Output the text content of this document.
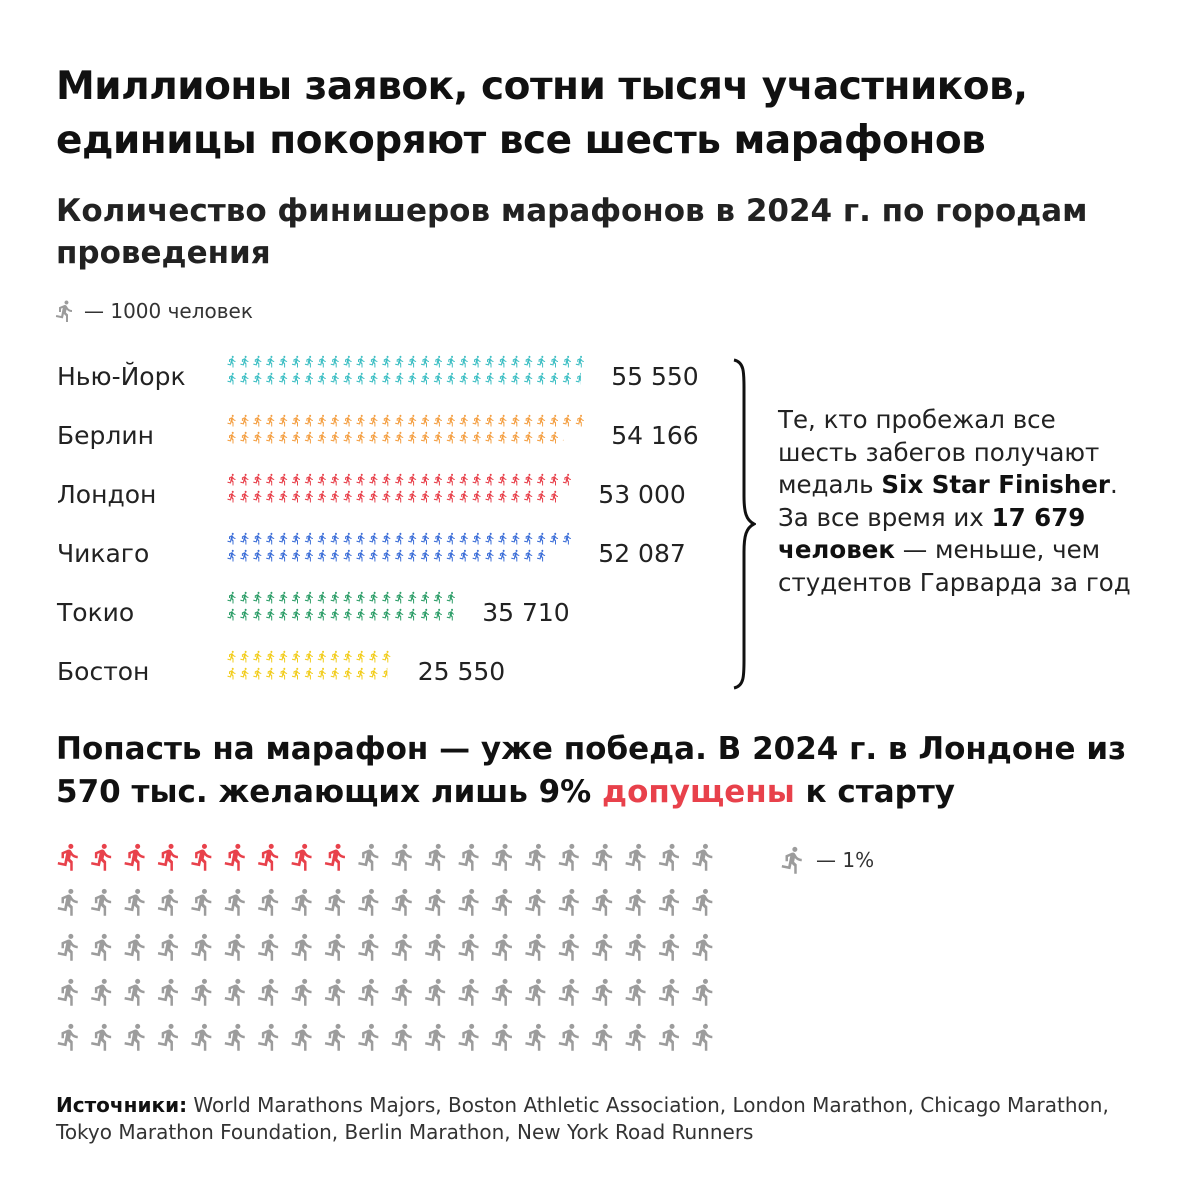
Миллионы заявок, сотни тысяч участников, единицы покоряют все шесть марафонов
Количество финишеров марафонов в 2024 г. по городам проведения
— 1000 человек
Нью-Йорк	55 550
Берлин	54 166
Лондон	53 000
Чикаго	52 087
Токио	35 710
Бостон	25 550
Те, кто пробежал все шесть забегов получают медаль Six Star Finisher. За все время их 17 679 человек — меньше, чем студентов Гарварда за год
Попасть на марафон — уже победа. В 2024 г. в Лондоне из 570 тыс. желающих лишь 9% допущены к старту
— 1%
Источники: World Marathons Majors, Boston Athletic Association, London Marathon, Chicago Marathon, Tokyo Marathon Foundation, Berlin Marathon, New York Road Runners
